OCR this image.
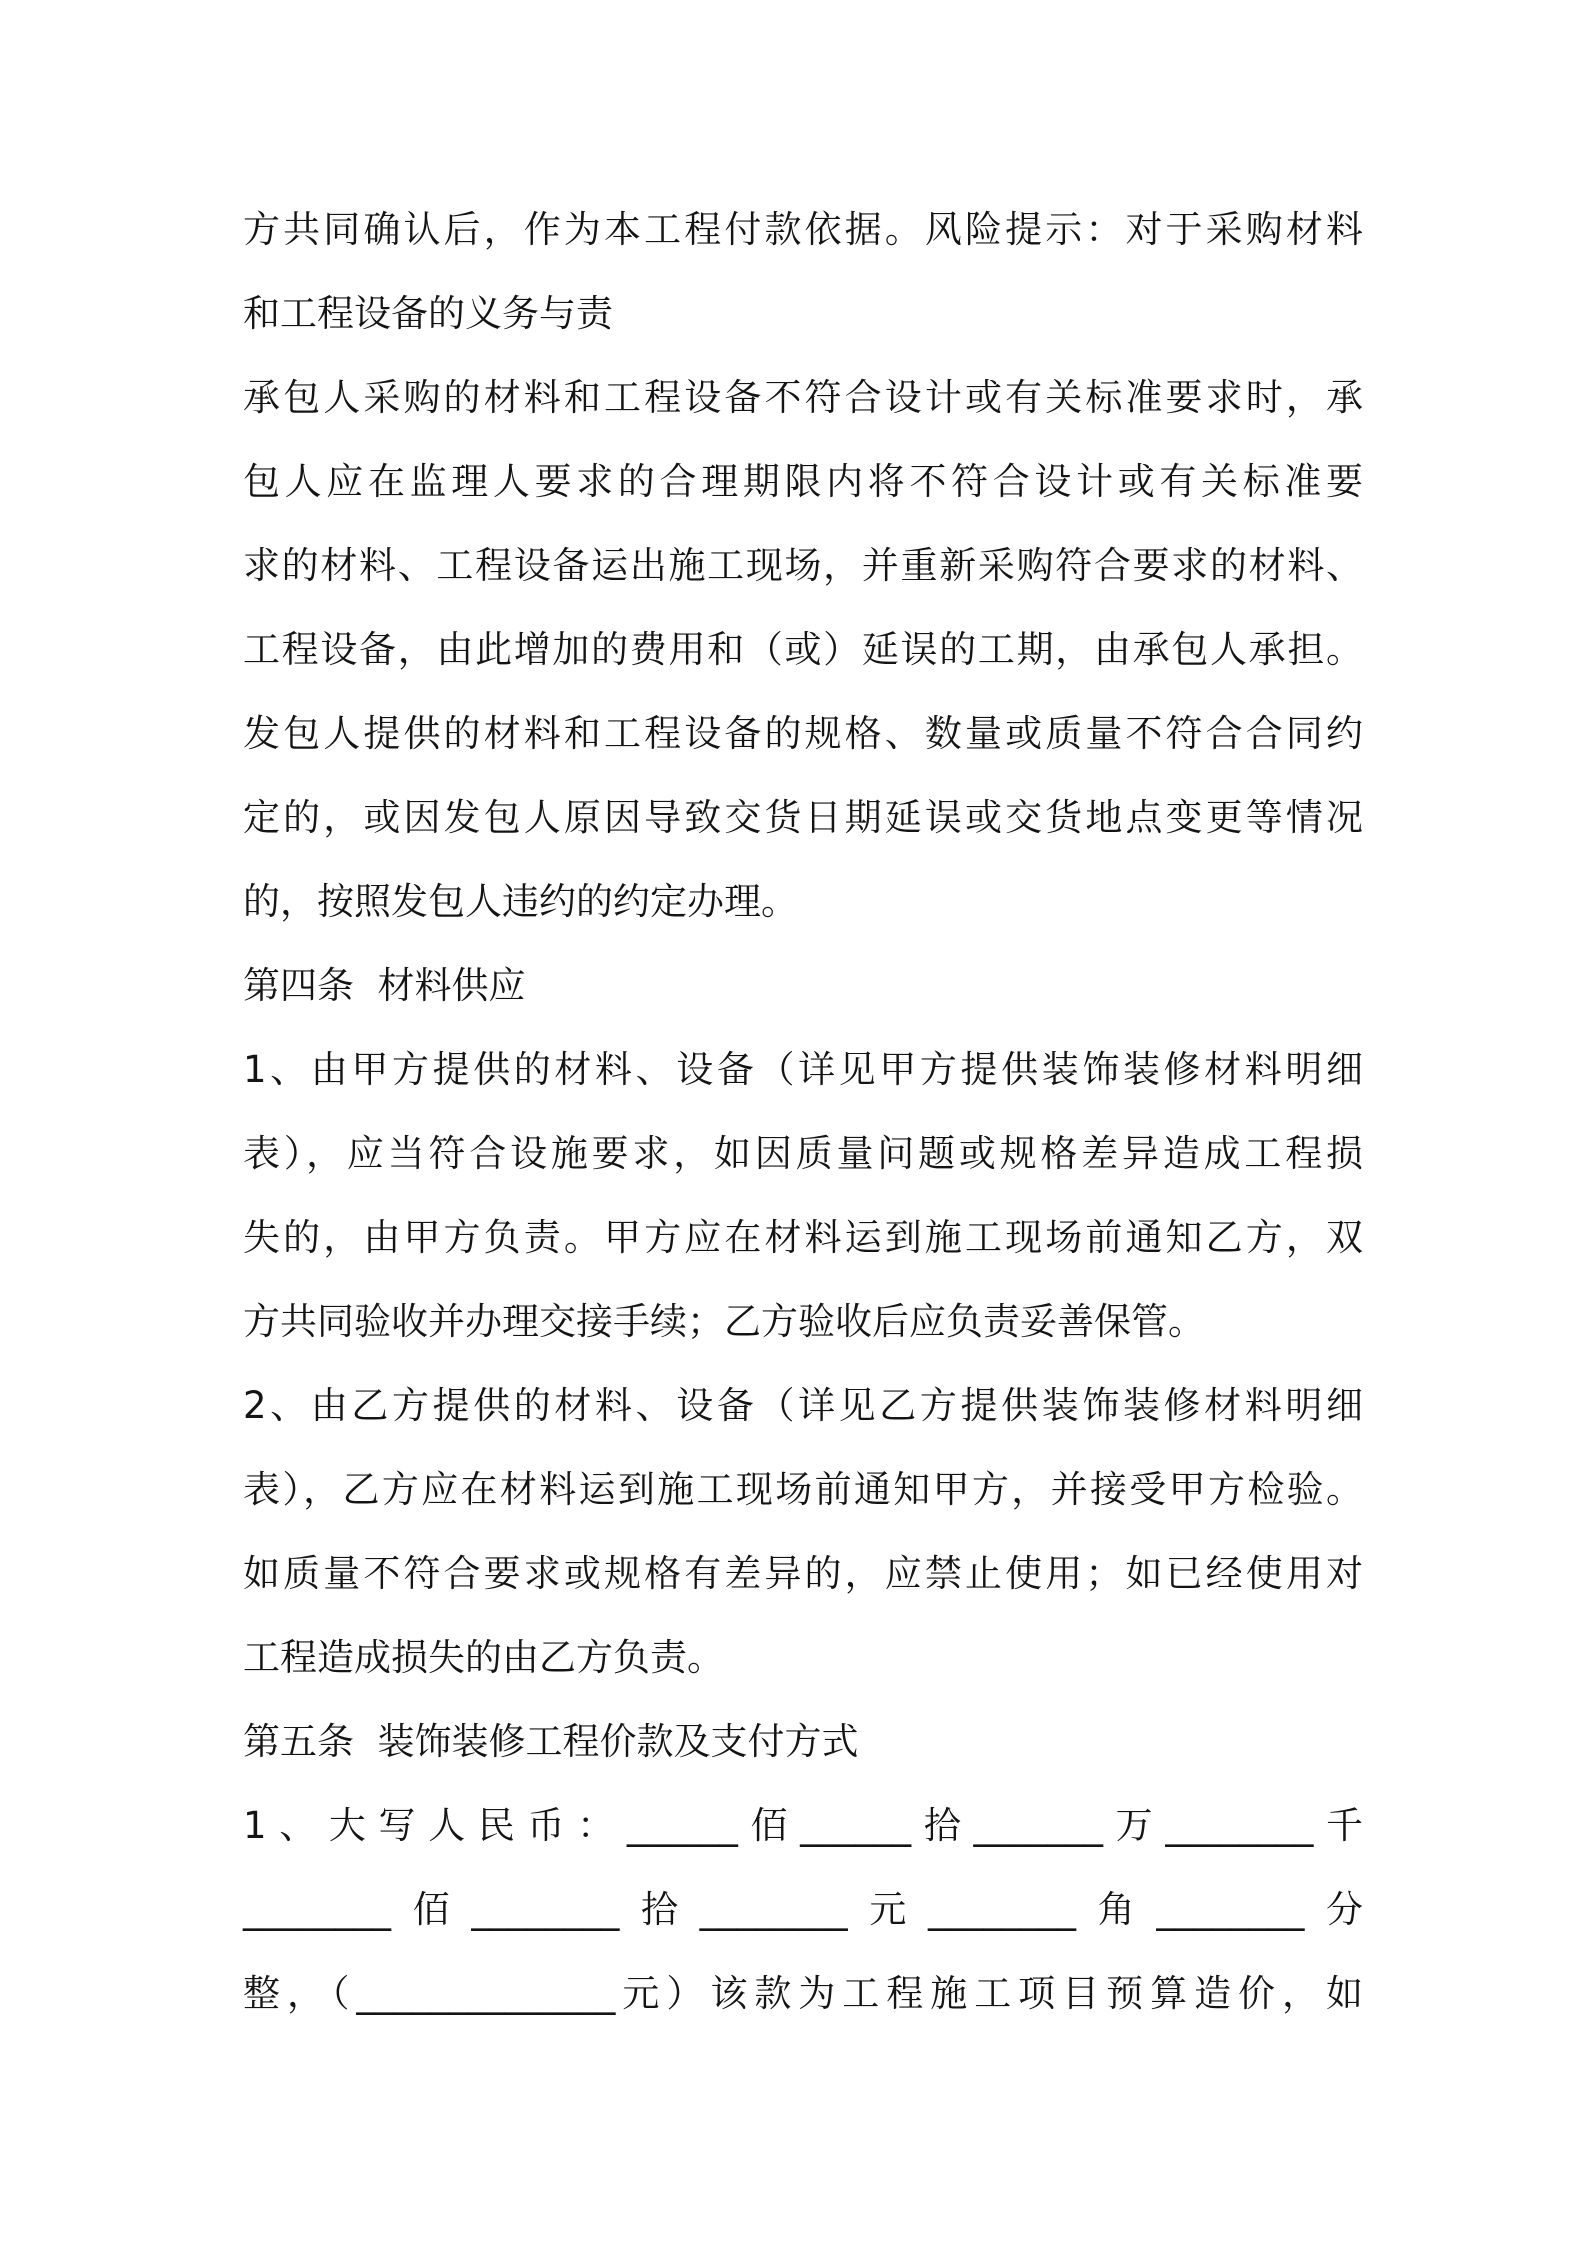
方共同确认后，作为本工程付款依据。风险提示：对于采购材料
和工程设备的义务与责
承包人采购的材料和工程设备不符合设计或有关标准要求时，承
包人应在监理人要求的合理期限内将不符合设计或有关标准要
求的材料、工程设备运出施工现场，并重新采购符合要求的材料、
工程设备，由此增加的费用和（或）延误的工期，由承包人承担。
发包人提供的材料和工程设备的规格、数量或质量不符合合同约
定的，或因发包人原因导致交货日期延误或交货地点变更等情况
的，按照发包人违约的约定办理。
第四条  材料供应
1、由甲方提供的材料、设备（详见甲方提供装饰装修材料明细
表），应当符合设施要求，如因质量问题或规格差异造成工程损
失的，由甲方负责。甲方应在材料运到施工现场前通知乙方，双
方共同验收并办理交接手续；乙方验收后应负责妥善保管。
2、由乙方提供的材料、设备（详见乙方提供装饰装修材料明细
表），乙方应在材料运到施工现场前通知甲方，并接受甲方检验。
如质量不符合要求或规格有差异的，应禁止使用；如已经使用对
工程造成损失的由乙方负责。
第五条  装饰装修工程价款及支付方式
1、大写人民币：______佰______拾_______万________千
________佰________拾________元________角________分
整，（______________元）该款为工程施工项目预算造价，如
